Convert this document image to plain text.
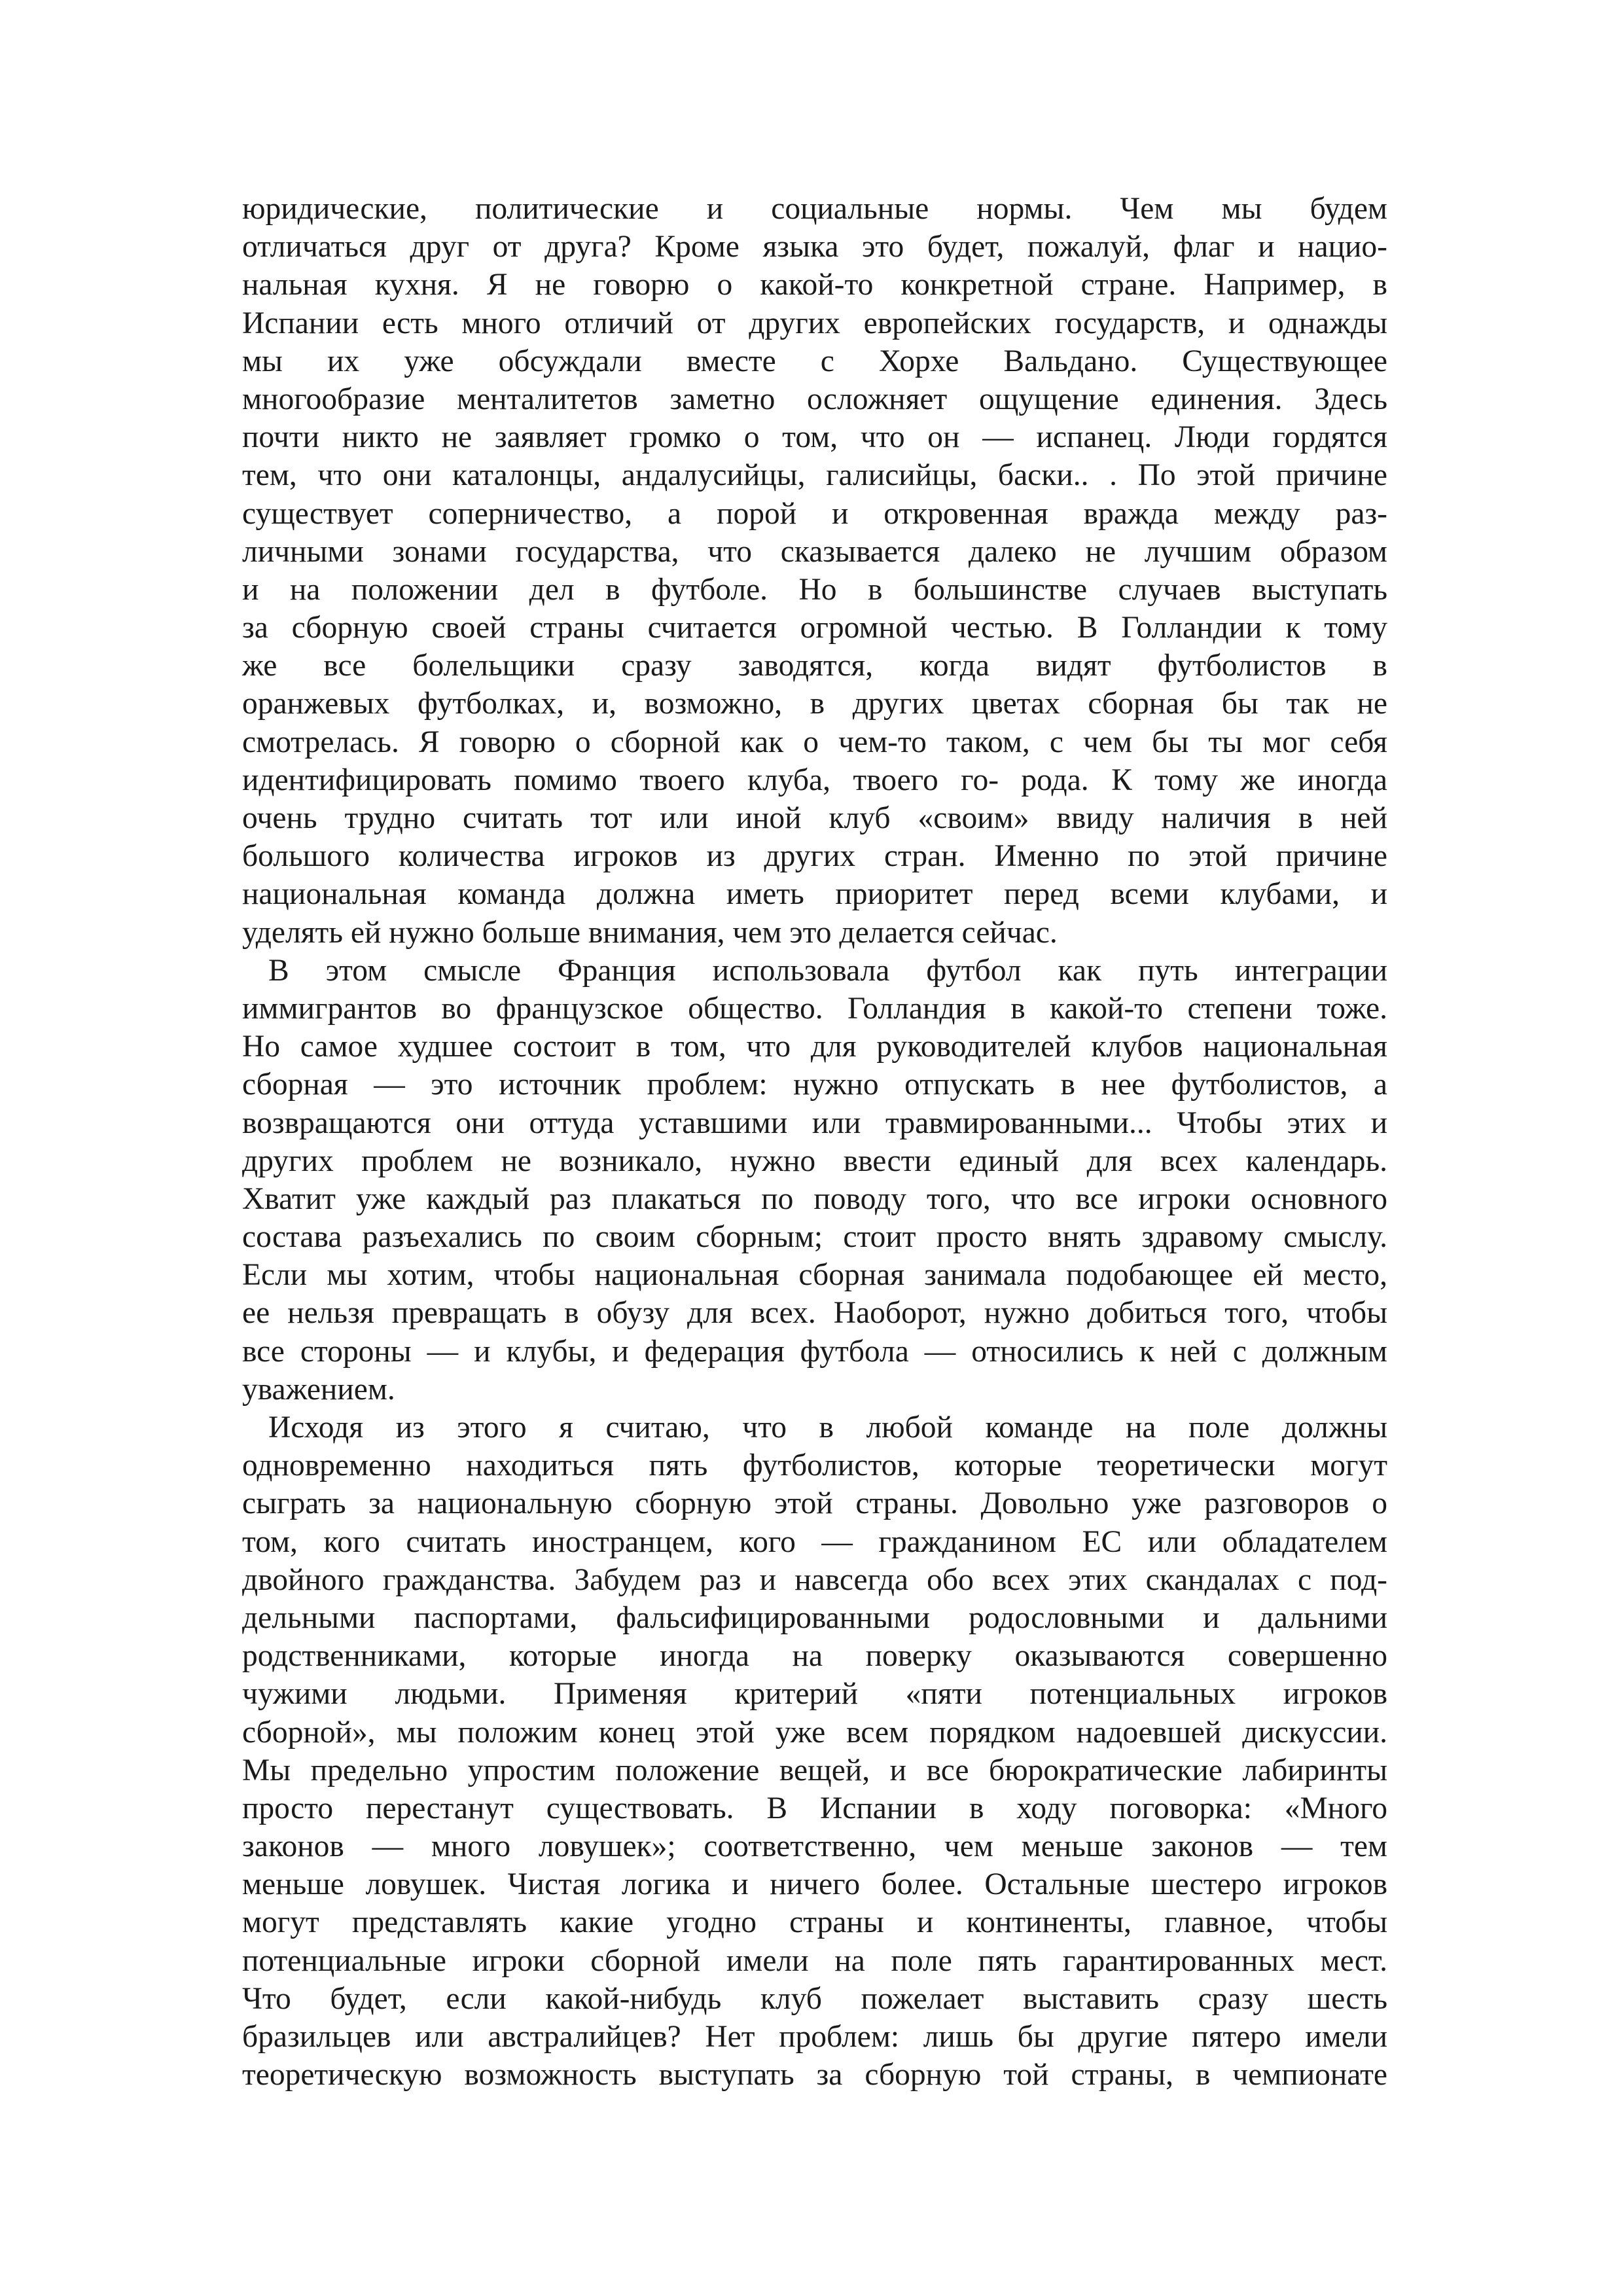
юридические, политические и социальные нормы. Чем мы будем
отличаться друг от друга? Кроме языка это будет, пожалуй, флаг и нацио-
нальная кухня. Я не говорю о какой-то конкретной стране. Например, в
Испании есть много отличий от других европейских государств, и однажды
мы их уже обсуждали вместе с Хорхе Вальдано. Существующее
многообразие менталитетов заметно осложняет ощущение единения. Здесь
почти никто не заявляет громко о том, что он — испанец. Люди гордятся
тем, что они каталонцы, андалусийцы, галисийцы, баски.. . По этой причине
существует соперничество, а порой и откровенная вражда между раз-
личными зонами государства, что сказывается далеко не лучшим образом
и на положении дел в футболе. Но в большинстве случаев выступать
за сборную своей страны считается огромной честью. В Голландии к тому
же все болельщики сразу заводятся, когда видят футболистов в
оранжевых футболках, и, возможно, в других цветах сборная бы так не
смотрелась. Я говорю о сборной как о чем-то таком, с чем бы ты мог себя
идентифицировать помимо твоего клуба, твоего го- рода. К тому же иногда
очень трудно считать тот или иной клуб «своим» ввиду наличия в ней
большого количества игроков из других стран. Именно по этой причине
национальная команда должна иметь приоритет перед всеми клубами, и
уделять ей нужно больше внимания, чем это делается сейчас.
В этом смысле Франция использовала футбол как путь интеграции
иммигрантов во французское общество. Голландия в какой-то степени тоже.
Но самое худшее состоит в том, что для руководителей клубов национальная
сборная — это источник проблем: нужно отпускать в нее футболистов, а
возвращаются они оттуда уставшими или травмированными... Чтобы этих и
других проблем не возникало, нужно ввести единый для всех календарь.
Хватит уже каждый раз плакаться по поводу того, что все игроки основного
состава разъехались по своим сборным; стоит просто внять здравому смыслу.
Если мы хотим, чтобы национальная сборная занимала подобающее ей место,
ее нельзя превращать в обузу для всех. Наоборот, нужно добиться того, чтобы
все стороны — и клубы, и федерация футбола — относились к ней с должным
уважением.
Исходя из этого я считаю, что в любой команде на поле должны
одновременно находиться пять футболистов, которые теоретически могут
сыграть за национальную сборную этой страны. Довольно уже разговоров о
том, кого считать иностранцем, кого — гражданином ЕС или обладателем
двойного гражданства. Забудем раз и навсегда обо всех этих скандалах с под-
дельными паспортами, фальсифицированными родословными и дальними
родственниками, которые иногда на поверку оказываются совершенно
чужими людьми. Применяя критерий «пяти потенциальных игроков
сборной», мы положим конец этой уже всем порядком надоевшей дискуссии.
Мы предельно упростим положение вещей, и все бюрократические лабиринты
просто перестанут существовать. В Испании в ходу поговорка: «Много
законов — много ловушек»; соответственно, чем меньше законов — тем
меньше ловушек. Чистая логика и ничего более. Остальные шестеро игроков
могут представлять какие угодно страны и континенты, главное, чтобы
потенциальные игроки сборной имели на поле пять гарантированных мест.
Что будет, если какой-нибудь клуб пожелает выставить сразу шесть
бразильцев или австралийцев? Нет проблем: лишь бы другие пятеро имели
теоретическую возможность выступать за сборную той страны, в чемпионате
